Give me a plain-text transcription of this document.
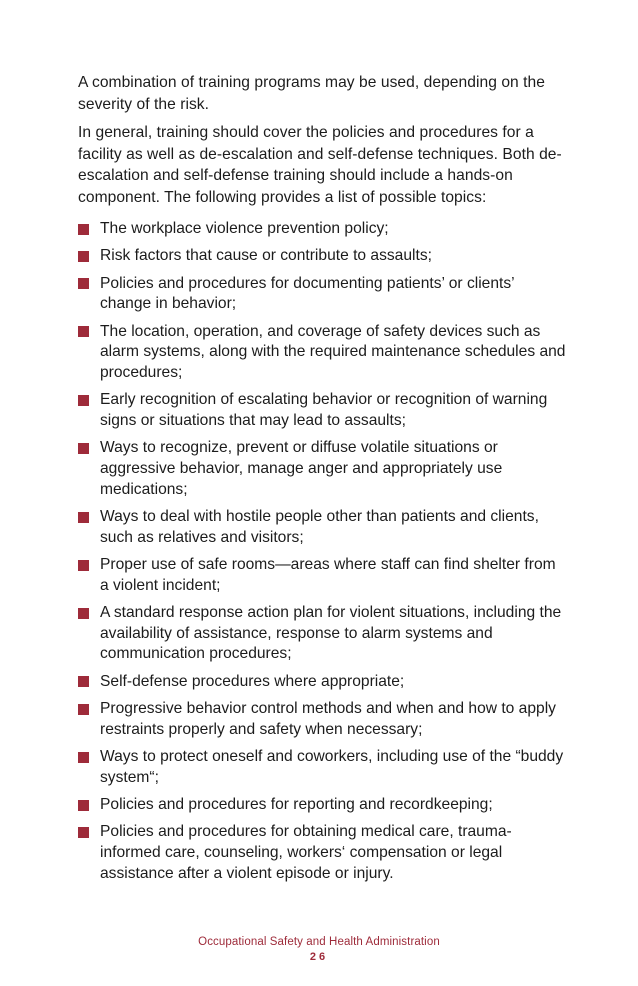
A combination of training programs may be used, depending on the severity of the risk.

In general, training should cover the policies and procedures for a facility as well as de-escalation and self-defense techniques. Both de-escalation and self-defense training should include a hands-on component. The following provides a list of possible topics:

The workplace violence prevention policy;
Risk factors that cause or contribute to assaults;
Policies and procedures for documenting patients’ or clients’ change in behavior;
The location, operation, and coverage of safety devices such as alarm systems, along with the required maintenance schedules and procedures;
Early recognition of escalating behavior or recognition of warning signs or situations that may lead to assaults;
Ways to recognize, prevent or diffuse volatile situations or aggressive behavior, manage anger and appropriately use medications;
Ways to deal with hostile people other than patients and clients, such as relatives and visitors;
Proper use of safe rooms—areas where staff can find shelter from a violent incident;
A standard response action plan for violent situations, including the availability of assistance, response to alarm systems and communication procedures;
Self-defense procedures where appropriate;
Progressive behavior control methods and when and how to apply restraints properly and safety when necessary;
Ways to protect oneself and coworkers, including use of the “buddy system“;
Policies and procedures for reporting and recordkeeping;
Policies and procedures for obtaining medical care, trauma-informed care, counseling, workers‘ compensation or legal assistance after a violent episode or injury.
Occupational Safety and Health Administration
26
